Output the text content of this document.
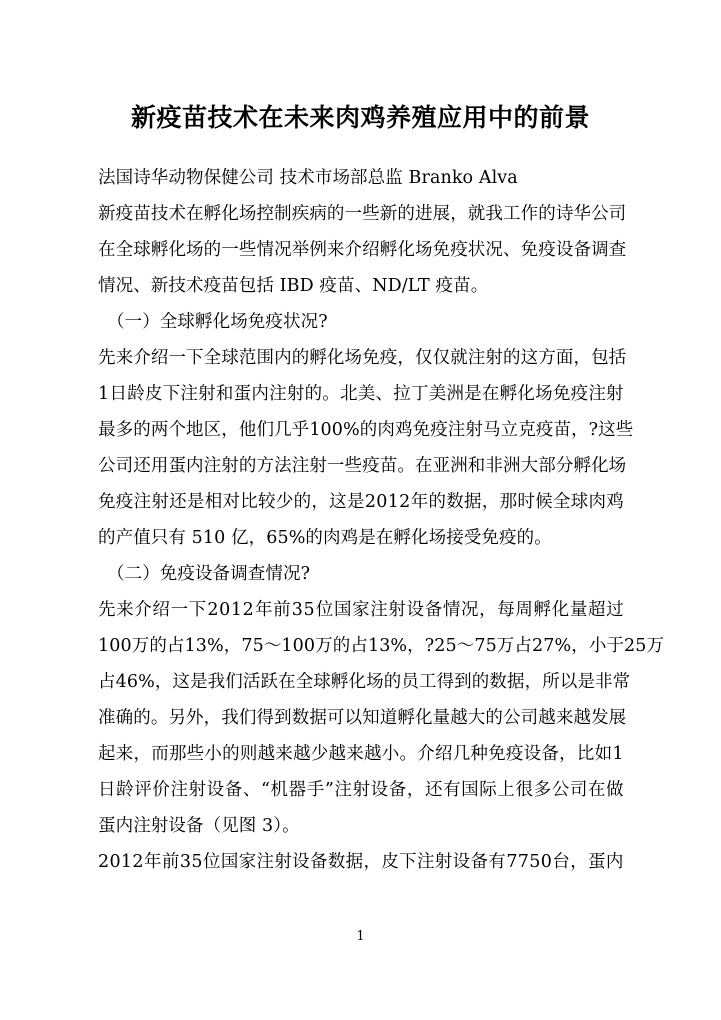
新疫苗技术在未来肉鸡养殖应用中的前景
法国诗华动物保健公司 技术市场部总监 Branko Alva
新 疫 苗 技 术 在 孵 化 场 控 制 疾 病 的 一 些 新 的 进 展 ， 就 我 工 作 的 诗 华 公 司
在 全 球 孵 化 场 的 一 些 情 况 举 例 来 介 绍 孵 化 场 免 疫 状 况 、 免 疫 设 备 调 查
情况、新技术疫苗包括 IBD 疫苗、ND/LT 疫苗。
（一）全球孵化场免疫状况?
先 来 介 绍 一 下 全 球 范 围 内 的 孵 化 场 免 疫 ， 仅 仅 就 注 射 的 这 方 面 ， 包 括
1 日 龄 皮 下 注 射 和 蛋 内 注 射 的 。 北 美 、 拉 丁 美 洲 是 在 孵 化 场 免 疫 注 射
最 多 的 两 个 地 区 ， 他 们 几 乎 1 0 0 % 的 肉 鸡 免 疫 注 射 马 立 克 疫 苗 ， ? 这 些
公 司 还 用 蛋 内 注 射 的 方 法 注 射 一 些 疫 苗 。 在 亚 洲 和 非 洲 大 部 分 孵 化 场
免 疫 注 射 还 是 相 对 比 较 少 的 ， 这 是 2 0 1 2 年 的 数 据 ， 那 时 候 全 球 肉 鸡
的产值只有 510 亿，65%的肉鸡是在孵化场接受免疫的。
（二）免疫设备调查情况?
先 来 介 绍 一 下 2 0 1 2 年 前 3 5 位 国 家 注 射 设 备 情 况 ， 每 周 孵 化 量 超 过
1 0 0 万 的 占 1 3 % ， 7 5 ～ 1 0 0 万 的 占 1 3 % ， ? 2 5 ～ 7 5 万 占 2 7 % ， 小 于 2 5 万
占 4 6 % ， 这 是 我 们 活 跃 在 全 球 孵 化 场 的 员 工 得 到 的 数 据 ， 所 以 是 非 常
准 确 的 。 另 外 ， 我 们 得 到 数 据 可 以 知 道 孵 化 量 越 大 的 公 司 越 来 越 发 展
起 来 ， 而 那 些 小 的 则 越 来 越 少 越 来 越 小 。 介 绍 几 种 免 疫 设 备 ， 比 如 1
日 龄 评 价 注 射 设 备 、 “ 机 器 手 ” 注 射 设 备 ， 还 有 国 际 上 很 多 公 司 在 做
蛋内注射设备（见图 3）。
2 0 1 2 年 前 3 5 位 国 家 注 射 设 备 数 据 ， 皮 下 注 射 设 备 有 7 7 5 0 台 ， 蛋 内
1
